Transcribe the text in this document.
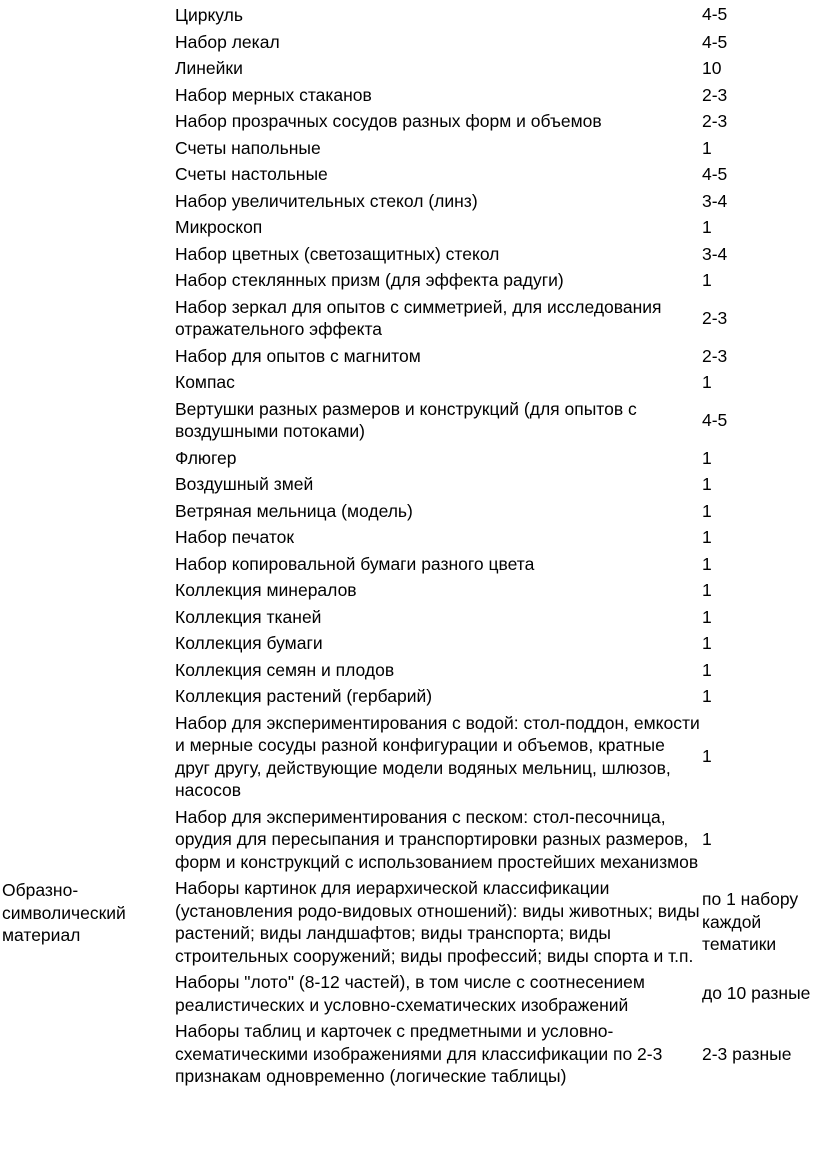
	Циркуль	4-5
	Набор лекал	4-5
	Линейки	10
	Набор мерных стаканов	2-3
	Набор прозрачных сосудов разных форм и объемов	2-3
	Счеты напольные	1
	Счеты настольные	4-5
	Набор увеличительных стекол (линз)	3-4
	Микроскоп	1
	Набор цветных (светозащитных) стекол	3-4
	Набор стеклянных призм (для эффекта радуги)	1
	Набор зеркал для опытов с симметрией, для исследования отражательного эффекта	2-3
	Набор для опытов с магнитом	2-3
	Компас	1
	Вертушки разных размеров и конструкций (для опытов с воздушными потоками)	4-5
	Флюгер	1
	Воздушный змей	1
	Ветряная мельница (модель)	1
	Набор печаток	1
	Набор копировальной бумаги разного цвета	1
	Коллекция минералов	1
	Коллекция тканей	1
	Коллекция бумаги	1
	Коллекция семян и плодов	1
	Коллекция растений (гербарий)	1
	Набор для экспериментирования с водой: стол-поддон, емкости и мерные сосуды разной конфигурации и объемов, кратные друг другу, действующие модели водяных мельниц, шлюзов, насосов	1
	Набор для экспериментирования с песком: стол-песочница, орудия для пересыпания и транспортировки разных размеров, форм и конструкций с использованием простейших механизмов	1
Образно-символический материал	Наборы картинок для иерархической классификации (установления родо-видовых отношений): виды животных; виды растений; виды ландшафтов; виды транспорта; виды строительных сооружений; виды профессий; виды спорта и т.п.	по 1 набору каждой тематики
	Наборы "лото" (8-12 частей), в том числе с соотнесением реалистических и условно-схематических изображений	до 10 разные
	Наборы таблиц и карточек с предметными и условно-схематическими изображениями для классификации по 2-3 признакам одновременно (логические таблицы)	2-3 разные
